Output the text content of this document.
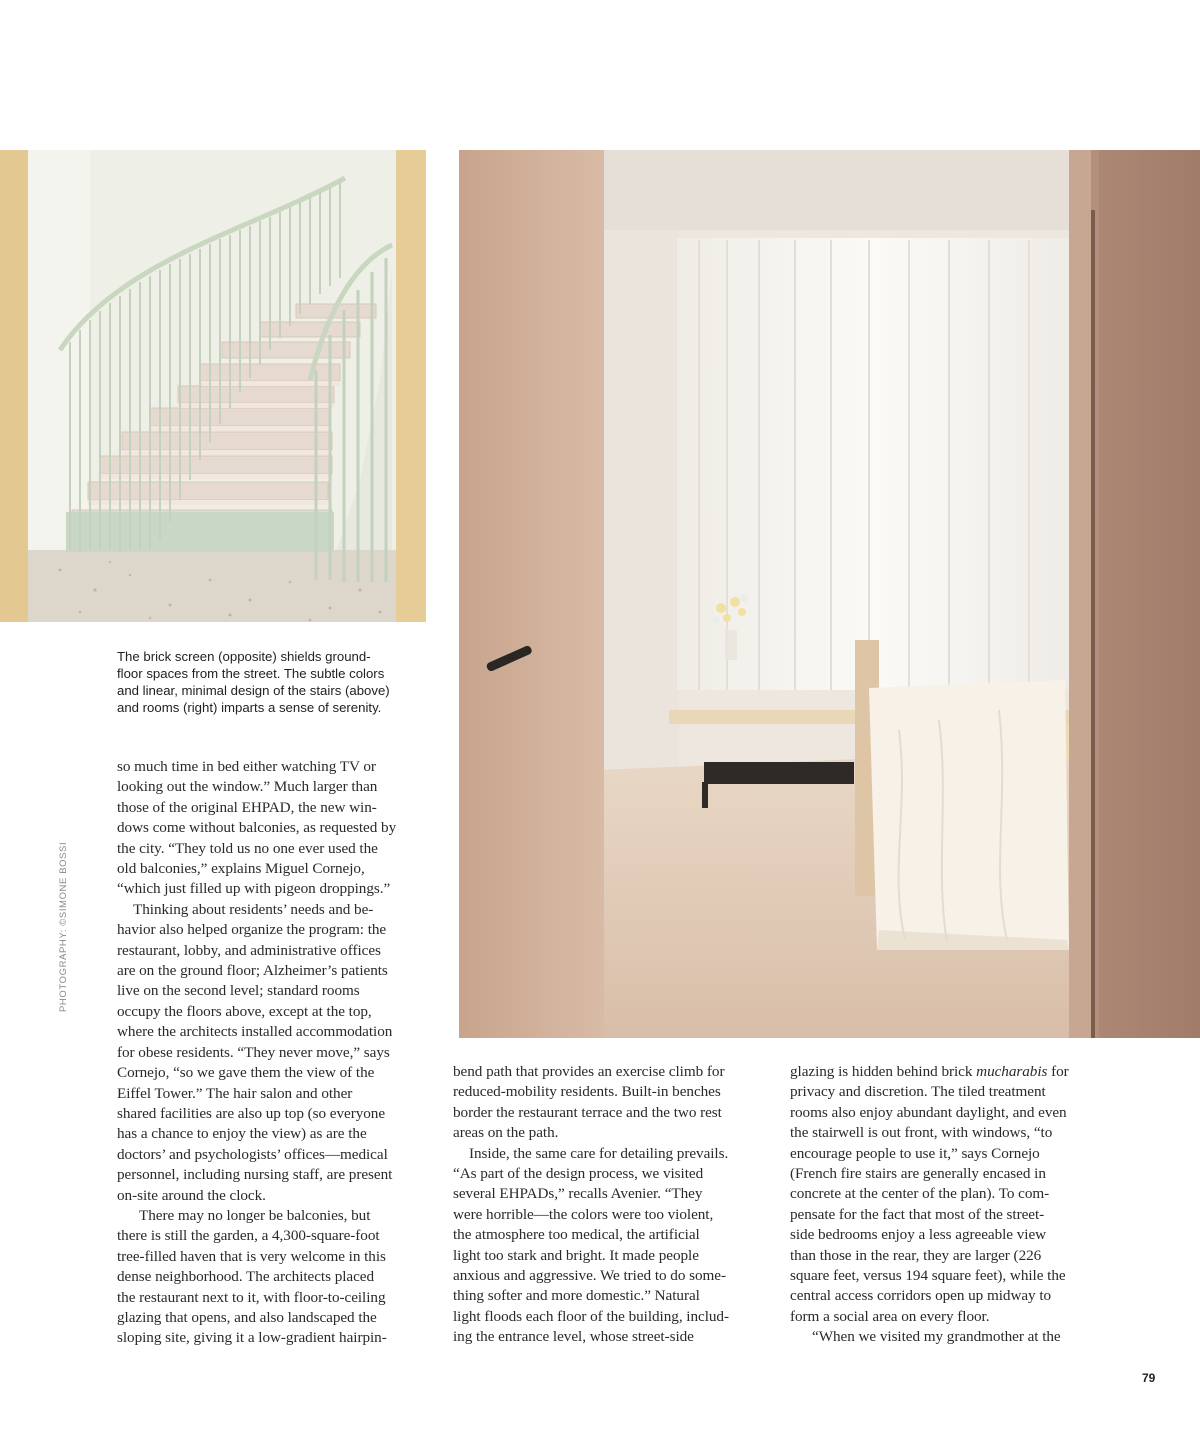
The brick screen (opposite) shields ground-
floor spaces from the street. The subtle colors
and linear, minimal design of the stairs (above)
and rooms (right) imparts a sense of serenity.
so much time in bed either watching TV or
looking out the window.” Much larger than
those of the original EHPAD, the new win-
dows come without balconies, as requested by
the city. “They told us no one ever used the
old balconies,” explains Miguel Cornejo,
“which just filled up with pigeon droppings.”
Thinking about residents’ needs and be-
havior also helped organize the program: the
restaurant, lobby, and administrative offices
are on the ground floor; Alzheimer’s patients
live on the second level; standard rooms
occupy the floors above, except at the top,
where the architects installed accommodation
for obese residents. “They never move,” says
Cornejo, “so we gave them the view of the
Eiffel Tower.” The hair salon and other
shared facilities are also up top (so everyone
has a chance to enjoy the view) as are the
doctors’ and psychologists’ offices—medical
personnel, including nursing staff, are present
on-site around the clock.
There may no longer be balconies, but
there is still the garden, a 4,300-square-foot
tree-filled haven that is very welcome in this
dense neighborhood. The architects placed
the restaurant next to it, with floor-to-ceiling
glazing that opens, and also landscaped the
sloping site, giving it a low-gradient hairpin-
bend path that provides an exercise climb for
reduced-mobility residents. Built-in benches
border the restaurant terrace and the two rest
areas on the path.
Inside, the same care for detailing prevails.
“As part of the design process, we visited
several EHPADs,” recalls Avenier. “They
were horrible—the colors were too violent,
the atmosphere too medical, the artificial
light too stark and bright. It made people
anxious and aggressive. We tried to do some-
thing softer and more domestic.” Natural
light floods each floor of the building, includ-
ing the entrance level, whose street-side
glazing is hidden behind brick mucharabis for
privacy and discretion. The tiled treatment
rooms also enjoy abundant daylight, and even
the stairwell is out front, with windows, “to
encourage people to use it,” says Cornejo
(French fire stairs are generally encased in
concrete at the center of the plan). To com-
pensate for the fact that most of the street-
side bedrooms enjoy a less agreeable view
than those in the rear, they are larger (226
square feet, versus 194 square feet), while the
central access corridors open up midway to
form a social area on every floor.
“When we visited my grandmother at the
PHOTOGRAPHY: ©SIMONE BOSSI
79
